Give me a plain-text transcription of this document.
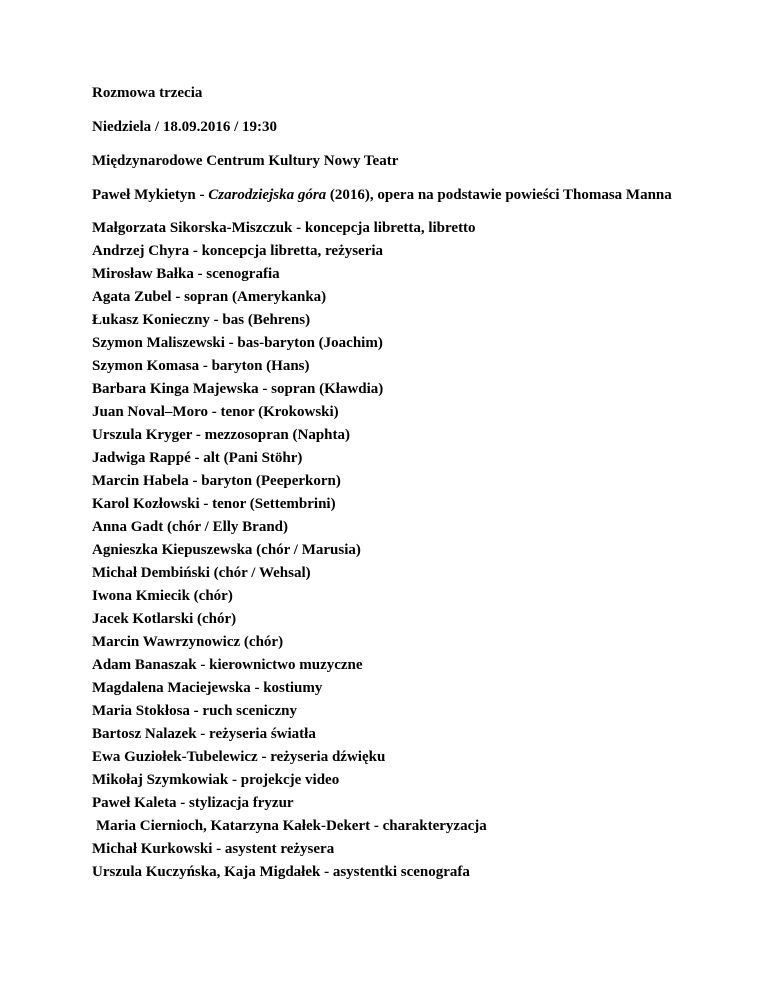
Rozmowa trzecia

Niedziela / 18.09.2016 / 19:30

Międzynarodowe Centrum Kultury Nowy Teatr

Paweł Mykietyn - Czarodziejska góra (2016), opera na podstawie powieści Thomasa Manna

Małgorzata Sikorska-Miszczuk - koncepcja libretta, libretto

Andrzej Chyra - koncepcja libretta, reżyseria

Mirosław Bałka - scenografia

Agata Zubel - sopran (Amerykanka)

Łukasz Konieczny - bas (Behrens)

Szymon Maliszewski - bas-baryton (Joachim)

Szymon Komasa - baryton (Hans)

Barbara Kinga Majewska - sopran (Kławdia)

Juan Noval–Moro - tenor (Krokowski)

Urszula Kryger - mezzosopran (Naphta)

Jadwiga Rappé - alt (Pani Stöhr)

Marcin Habela - baryton (Peeperkorn)

Karol Kozłowski - tenor (Settembrini)

Anna Gadt (chór / Elly Brand)

Agnieszka Kiepuszewska (chór / Marusia)

Michał Dembiński (chór / Wehsal)

Iwona Kmiecik (chór)

Jacek Kotlarski (chór)

Marcin Wawrzynowicz (chór)

Adam Banaszak - kierownictwo muzyczne

Magdalena Maciejewska - kostiumy

Maria Stokłosa - ruch sceniczny

Bartosz Nalazek - reżyseria światła

Ewa Guziołek-Tubelewicz - reżyseria dźwięku

Mikołaj Szymkowiak - projekcje video

Paweł Kaleta - stylizacja fryzur

Maria Ciernioch, Katarzyna Kałek-Dekert - charakteryzacja

Michał Kurkowski - asystent reżysera

Urszula Kuczyńska, Kaja Migdałek - asystentki scenografa
